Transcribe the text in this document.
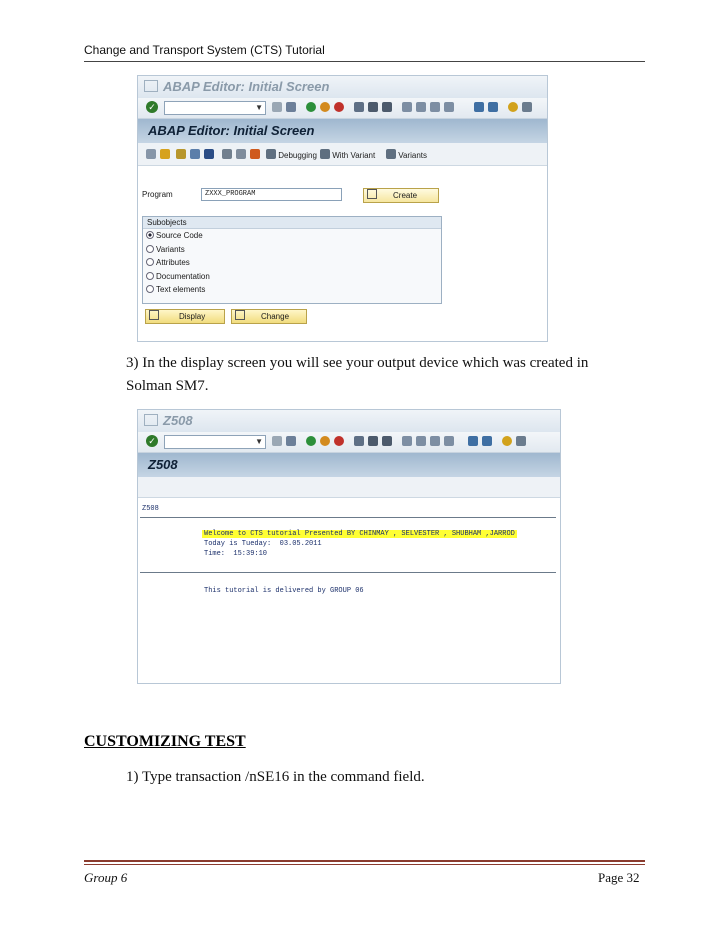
Change and Transport System (CTS) Tutorial
ABAP Editor: Initial Screen
✓	▼
ABAP Editor: Initial Screen
Debugging	With Variant	Variants
Program	ZXXX_PROGRAM	Create
Subobjects
Source Code
Variants
Attributes
Documentation
Text elements
Display	Change
3) In the display screen you will see your output device which was created in
Solman SM7.
Z508
✓	▼
Z508
Z508
Welcome to CTS tutorial Presented BY CHINMAY , SELVESTER , SHUBHAM ,JARROD
Today is Tueday:  03.05.2011
Time:  15:39:10
This tutorial is delivered by GROUP 06
CUSTOMIZING TEST
1) Type transaction /nSE16 in the command field.
Group 6	Page 32
